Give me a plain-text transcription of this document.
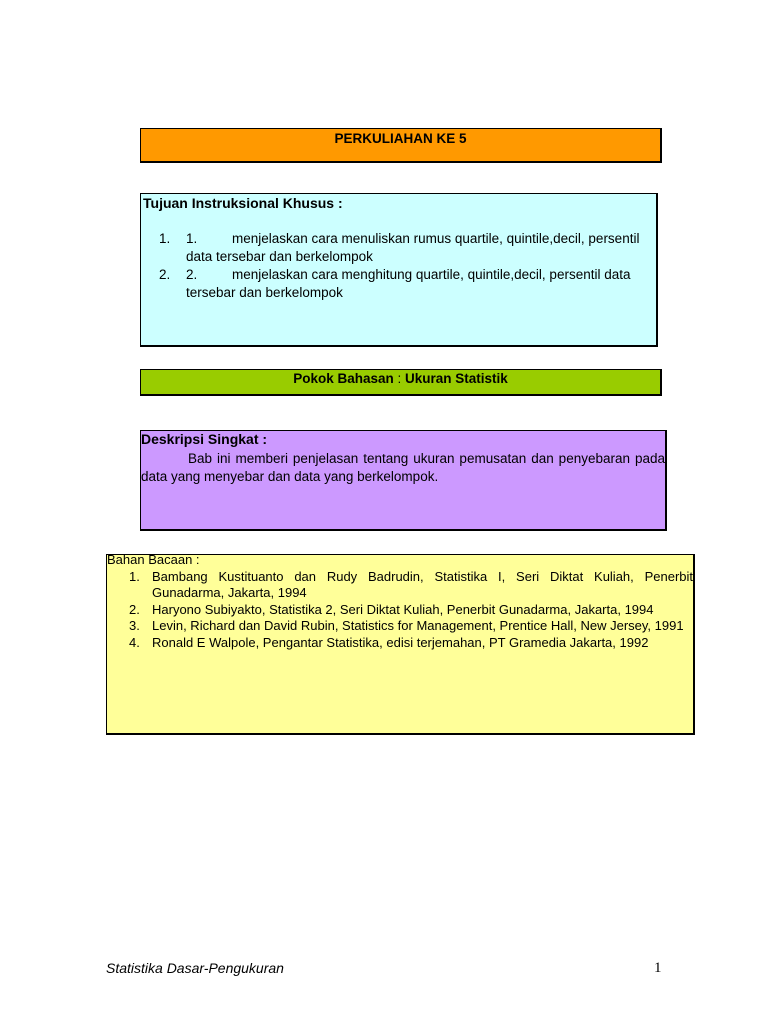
PERKULIAHAN KE 5
Tujuan Instruksional Khusus :
1.	1.	menjelaskan cara menuliskan rumus quartile, quintile,decil, persentil data tersebar dan berkelompok
2.	2.	menjelaskan cara menghitung quartile, quintile,decil, persentil data tersebar dan berkelompok
Pokok Bahasan : Ukuran Statistik
Deskripsi Singkat :
Bab ini memberi penjelasan tentang ukuran pemusatan dan penyebaran pada data yang menyebar dan data yang berkelompok.
Bahan Bacaan :
1. Bambang Kustituanto dan Rudy Badrudin, Statistika I, Seri Diktat Kuliah, Penerbit Gunadarma, Jakarta, 1994
2. Haryono Subiyakto, Statistika 2, Seri Diktat Kuliah, Penerbit Gunadarma, Jakarta, 1994
3. Levin, Richard dan David Rubin, Statistics for Management, Prentice Hall, New Jersey, 1991
4. Ronald E Walpole, Pengantar Statistika, edisi terjemahan, PT Gramedia Jakarta, 1992
Statistika Dasar-Pengukuran	1
